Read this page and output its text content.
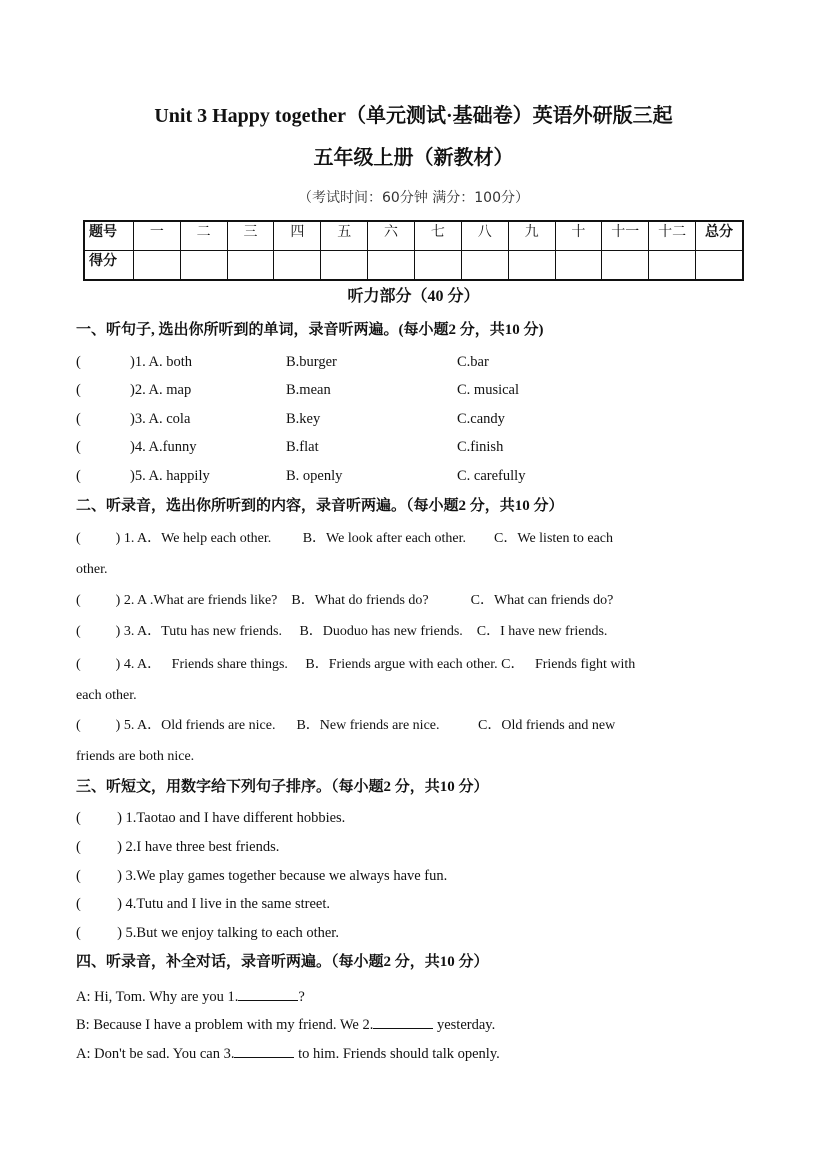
Unit 3 Happy together（单元测试·基础卷）英语外研版三起
五年级上册（新教材）
（考试时间：60分钟 满分：100分）
题号	一	二	三	四	五	六	七	八	九	十	十一	十二	总分
得分													
听力部分（40 分）
一、听句子, 选出你所听到的单词，录音听两遍。(每小题2 分，共10 分)
二、听录音，选出你所听到的内容，录音听两遍。（每小题2 分，共10 分）
三、听短文，用数字给下列句子排序。（每小题2 分，共10 分）
四、听录音，补全对话，录音听两遍。（每小题2 分，共10 分）
(	)1. A. both	B.burger	C.bar
(	)2. A. map	B.mean	C. musical
(	)3. A. cola	B.key	C.candy
(	)4. A.funny	B.flat	C.finish
(	)5. A. happily	B. openly	C. carefully
(          ) 1. A．We help each other.         B．We look after each other.        C．We listen to each
other.
(          ) 2. A .What are friends like?    B．What do friends do?            C．What can friends do?
(          ) 3. A．Tutu has new friends.     B．Duoduo has new friends.    C．I have new friends.
(          ) 4. A．   Friends share things.     B．Friends argue with each other. C．   Friends fight with
each other.
(          ) 5. A．Old friends are nice.      B．New friends are nice.           C．Old friends and new
friends are both nice.
(          ) 1.Taotao and I have different hobbies.
(          ) 2.I have three best friends.
(          ) 3.We play games together because we always have fun.
(          ) 4.Tutu and I live in the same street.
(          ) 5.But we enjoy talking to each other.
A: Hi, Tom. Why are you 1.	?
B: Because I have a problem with my friend. We 2.	yesterday.
A: Don't be sad. You can 3.	to him. Friends should talk openly.
